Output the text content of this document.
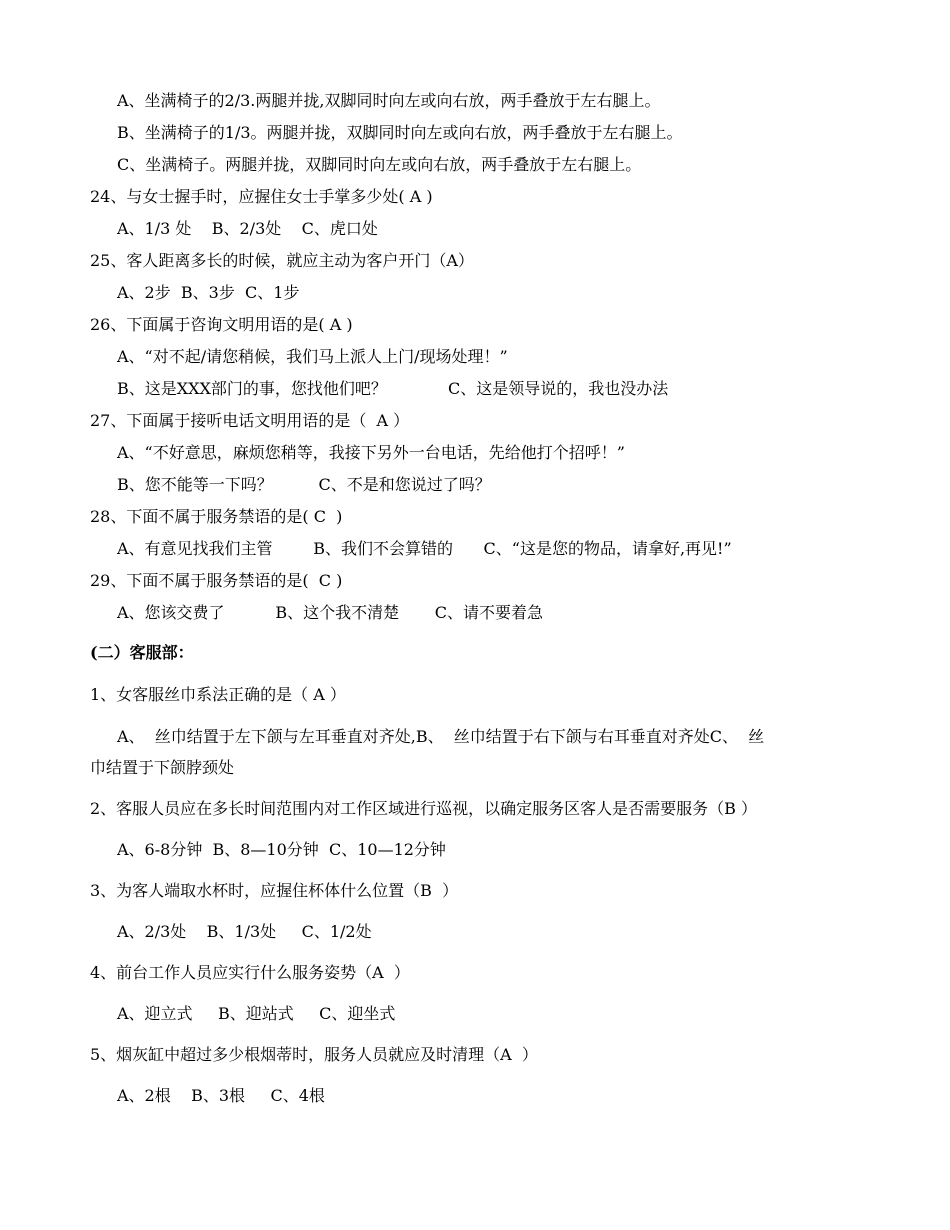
A、坐满椅子的2/3.两腿并拢,双脚同时向左或向右放，两手叠放于左右腿上。
B、坐满椅子的1/3。两腿并拢，双脚同时向左或向右放，两手叠放于左右腿上。
C、坐满椅子。两腿并拢，双脚同时向左或向右放，两手叠放于左右腿上。
24、与女士握手时，应握住女士手掌多少处( A )
A、1/3 处    B、2/3处    C、虎口处
25、客人距离多长的时候，就应主动为客户开门（A）
A、2步  B、3步  C、1步
26、下面属于咨询文明用语的是( A )
A、“对不起/请您稍候，我们马上派人上门/现场处理！”
B、这是XXX部门的事，您找他们吧？            C、这是领导说的，我也没办法
27、下面属于接听电话文明用语的是（  A ）
A、“不好意思，麻烦您稍等，我接下另外一台电话，先给他打个招呼！”
B、您不能等一下吗？         C、不是和您说过了吗？
28、下面不属于服务禁语的是( C  )
A、有意见找我们主管        B、我们不会算错的      C、“这是您的物品，请拿好,再见!”
29、下面不属于服务禁语的是(  C )
A、您该交费了          B、这个我不清楚       C、请不要着急
(二）客服部：
1、女客服丝巾系法正确的是（ A ）
A、  丝巾结置于左下颌与左耳垂直对齐处,B、  丝巾结置于右下颌与右耳垂直对齐处C、  丝
巾结置于下颌脖颈处
2、客服人员应在多长时间范围内对工作区域进行巡视，以确定服务区客人是否需要服务（B ）
A、6-8分钟  B、8—10分钟  C、10—12分钟
3、为客人端取水杯时，应握住杯体什么位置（B  ）
A、2/3处    B、1/3处     C、1/2处
4、前台工作人员应实行什么服务姿势（A  ）
A、迎立式     B、迎站式     C、迎坐式
5、烟灰缸中超过多少根烟蒂时，服务人员就应及时清理（A  ）
A、2根    B、3根     C、4根
